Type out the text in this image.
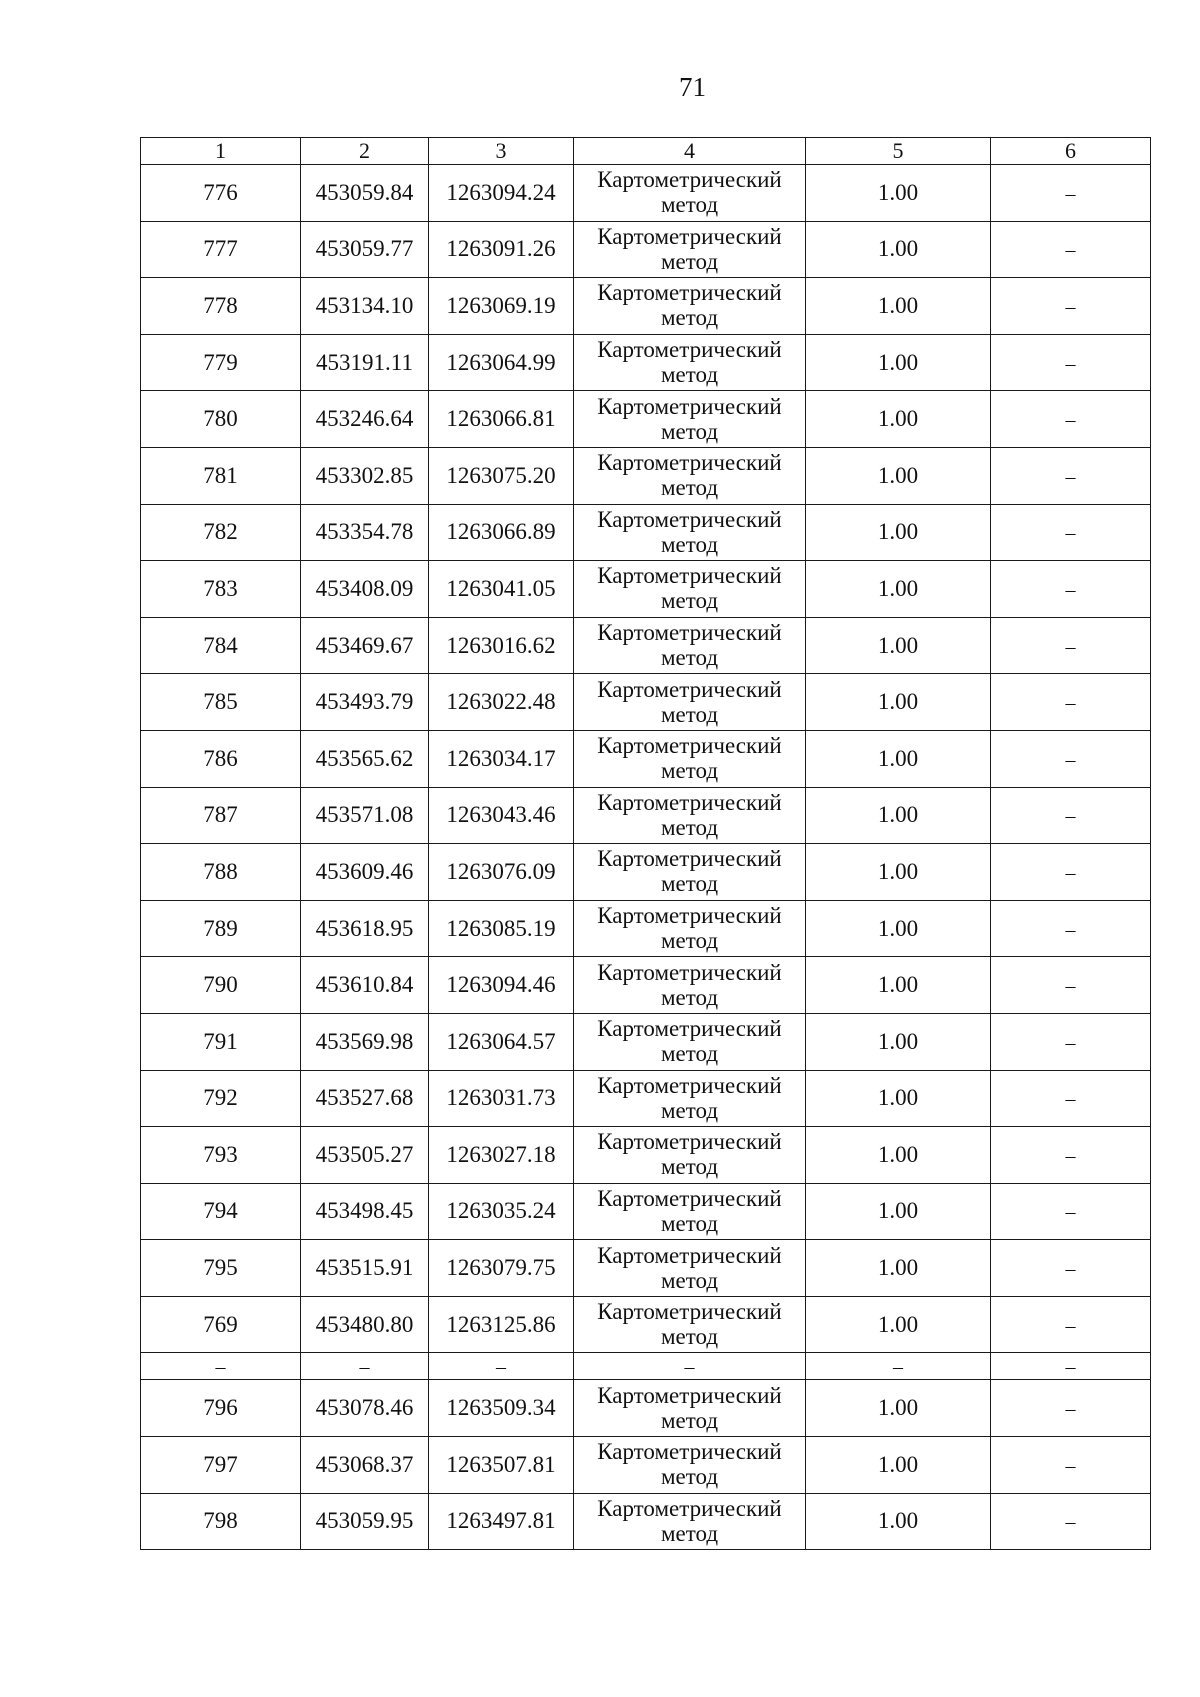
71
1	2	3	4	5	6
776	453059.84	1263094.24	Картометрический метод	1.00	–
777	453059.77	1263091.26	Картометрический метод	1.00	–
778	453134.10	1263069.19	Картометрический метод	1.00	–
779	453191.11	1263064.99	Картометрический метод	1.00	–
780	453246.64	1263066.81	Картометрический метод	1.00	–
781	453302.85	1263075.20	Картометрический метод	1.00	–
782	453354.78	1263066.89	Картометрический метод	1.00	–
783	453408.09	1263041.05	Картометрический метод	1.00	–
784	453469.67	1263016.62	Картометрический метод	1.00	–
785	453493.79	1263022.48	Картометрический метод	1.00	–
786	453565.62	1263034.17	Картометрический метод	1.00	–
787	453571.08	1263043.46	Картометрический метод	1.00	–
788	453609.46	1263076.09	Картометрический метод	1.00	–
789	453618.95	1263085.19	Картометрический метод	1.00	–
790	453610.84	1263094.46	Картометрический метод	1.00	–
791	453569.98	1263064.57	Картометрический метод	1.00	–
792	453527.68	1263031.73	Картометрический метод	1.00	–
793	453505.27	1263027.18	Картометрический метод	1.00	–
794	453498.45	1263035.24	Картометрический метод	1.00	–
795	453515.91	1263079.75	Картометрический метод	1.00	–
769	453480.80	1263125.86	Картометрический метод	1.00	–
–	–	–	–	–	–
796	453078.46	1263509.34	Картометрический метод	1.00	–
797	453068.37	1263507.81	Картометрический метод	1.00	–
798	453059.95	1263497.81	Картометрический метод	1.00	–
